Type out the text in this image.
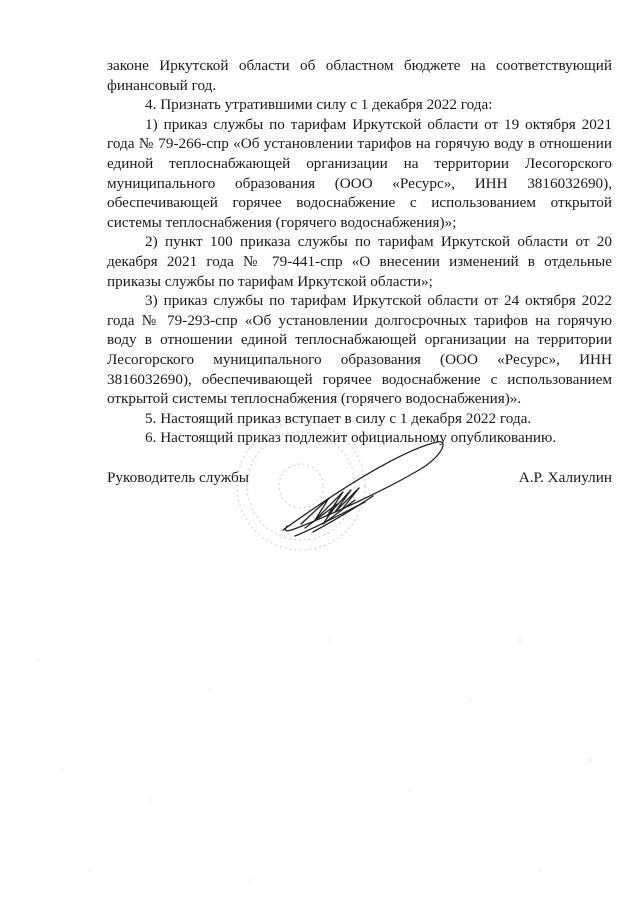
законе Иркутской области об областном бюджете на соответствующий финансовый год.

4. Признать утратившими силу с 1 декабря 2022 года:

1) приказ службы по тарифам Иркутской области от 19 октября 2021 года № 79-266-спр «Об установлении тарифов на горячую воду в отношении единой теплоснабжающей организации на территории Лесогорского муниципального образования (ООО «Ресурс», ИНН 3816032690), обеспечивающей горячее водоснабжение с использованием открытой системы теплоснабжения (горячего водоснабжения)»;

2) пункт 100 приказа службы по тарифам Иркутской области от 20 декабря 2021 года № 79-441-спр «О внесении изменений в отдельные приказы службы по тарифам Иркутской области»;

3) приказ службы по тарифам Иркутской области от 24 октября 2022 года № 79-293-спр «Об установлении долгосрочных тарифов на горячую воду в отношении единой теплоснабжающей организации на территории Лесогорского муниципального образования (ООО «Ресурс», ИНН 3816032690), обеспечивающей горячее водоснабжение с использованием открытой системы теплоснабжения (горячего водоснабжения)».

5. Настоящий приказ вступает в силу с 1 декабря 2022 года.

6. Настоящий приказ подлежит официальному опубликованию.

Руководитель службы	А.Р. Халиулин
